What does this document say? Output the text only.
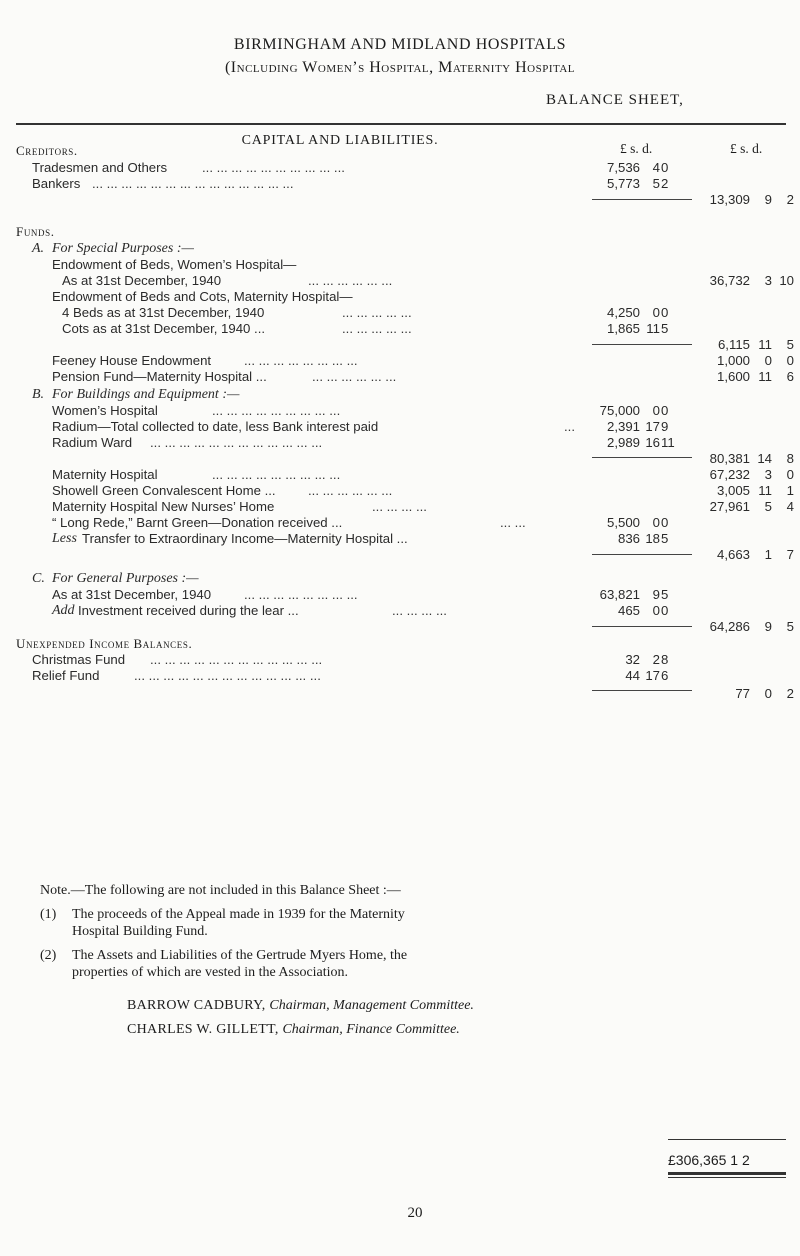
BIRMINGHAM AND MIDLAND HOSPITALS
(Including Women’s Hospital, Maternity Hospital
BALANCE SHEET,
CAPITAL AND LIABILITIES.
£ s. d.	£ s. d.
Creditors.
Tradesmen and Others	... ... ... ... ... ... ... ... ... ...	7,536 4 0
Bankers ... ... ... ... ... ... ... ... ... ... ... ... ... ...	5,773 5 2
13,309	9	2
Funds.
A. For Special Purposes :—
Endowment of Beds, Women’s Hospital—
As at 31st December, 1940	... ... ... ... ... ...	36,732	3 10
Endowment of Beds and Cots, Maternity Hospital—
4 Beds as at 31st December, 1940	... ... ... ... ...	4,250 0 0
Cots as at 31st December, 1940 ...	... ... ... ... ...	1,865 11 5
6,115 11	5
Feeney House Endowment ... ... ... ... ... ... ... ...	1,000	0	0
Pension Fund—Maternity Hospital ...	... ... ... ... ... ...	1,600 11	6
B. For Buildings and Equipment :—
Women’s Hospital	... ... ... ... ... ... ... ... ...	75,000 0 0
Radium—Total collected to date, less Bank interest paid	...	2,391 17 9
Radium Ward ... ... ... ... ... ... ... ... ... ... ... ...	2,989 16 11
80,381 14	8
Maternity Hospital	... ... ... ... ... ... ... ... ...	67,232	3	0
Showell Green Convalescent Home ... ... ... ... ... ... ...	3,005 11	1
Maternity Hospital New Nurses’ Home	... ... ... ...	27,961	5	4
“ Long Rede,” Barnt Green—Donation received ...	... ...	5,500 0 0
Less Transfer to Extraordinary Income—Maternity Hospital ...	836 18 5
4,663	1	7
C. For General Purposes :—
As at 31st December, 1940 ... ... ... ... ... ... ... ...	63,821 9 5
Add Investment received during the lear ...	... ... ... ...	465 0 0
64,286	9	5
Unexpended Income Balances.
Christmas Fund ... ... ... ... ... ... ... ... ... ... ... ...	32 2 8
Relief Fund	... ... ... ... ... ... ... ... ... ... ... ... ...	44 17 6
77	0	2
Note.—The following are not included in this Balance Sheet :—
(1) The proceeds of the Appeal made in 1939 for the Maternity
Hospital Building Fund.
(2) The Assets and Liabilities of the Gertrude Myers Home, the
properties of which are vested in the Association.
BARROW CADBURY, Chairman, Management Committee.
CHARLES W. GILLETT, Chairman, Finance Committee.
£306,365 1 2
20
